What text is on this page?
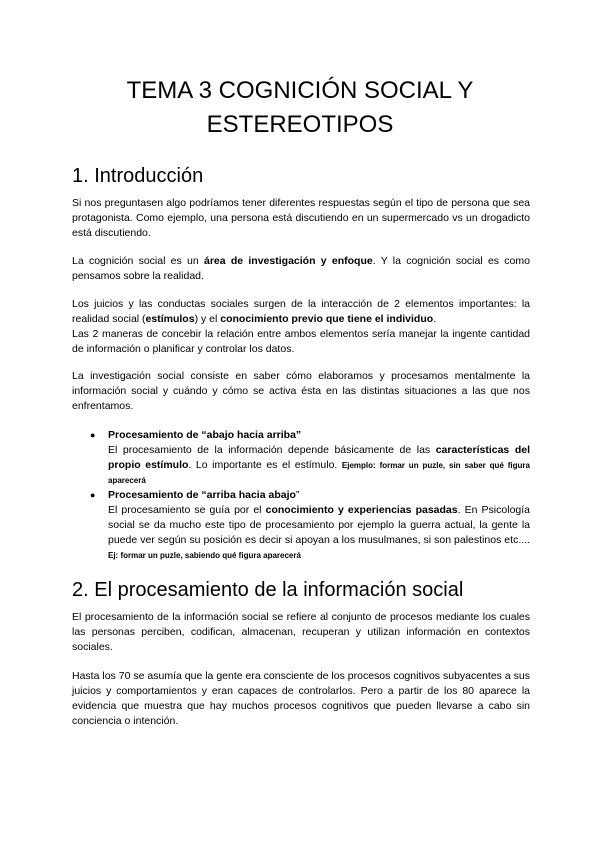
TEMA 3 COGNICIÓN SOCIAL Y
ESTEREOTIPOS
1. Introducción

Si nos preguntasen algo podríamos tener diferentes respuestas según el tipo de persona que sea protagonista. Como ejemplo, una persona está discutiendo en un supermercado vs un drogadicto está discutiendo.

La cognición social es un área de investigación y enfoque. Y la cognición social es como pensamos sobre la realidad.

Los juicios y las conductas sociales surgen de la interacción de 2 elementos importantes: la realidad social (estímulos) y el conocimiento previo que tiene el individuo.
Las 2 maneras de concebir la relación entre ambos elementos sería manejar la ingente cantidad de información o planificar y controlar los datos.

La investigación social consiste en saber cómo elaboramos y procesamos mentalmente la información social y cuándo y cómo se activa ésta en las distintas situaciones a las que nos enfrentamos.

● Procesamiento de “abajo hacia arriba”
El procesamiento de la información depende básicamente de las características del propio estímulo. Lo importante es el estímulo. Ejemplo: formar un puzle, sin saber qué figura aparecerá
● Procesamiento de “arriba hacia abajo”
El procesamiento se guía por el conocimiento y experiencias pasadas. En Psicología social se da mucho este tipo de procesamiento por ejemplo la guerra actual, la gente la puede ver según su posición es decir si apoyan a los musulmanes, si son palestinos etc.... Ej: formar un puzle, sabiendo qué figura aparecerá
2. El procesamiento de la información social

El procesamiento de la información social se refiere al conjunto de procesos mediante los cuales las personas perciben, codifican, almacenan, recuperan y utilizan información en contextos sociales.

Hasta los 70 se asumía que la gente era consciente de los procesos cognitivos subyacentes a sus juicios y comportamientos y eran capaces de controlarlos. Pero a partir de los 80 aparece la evidencia que muestra que hay muchos procesos cognitivos que pueden llevarse a cabo sin conciencia o intención.
